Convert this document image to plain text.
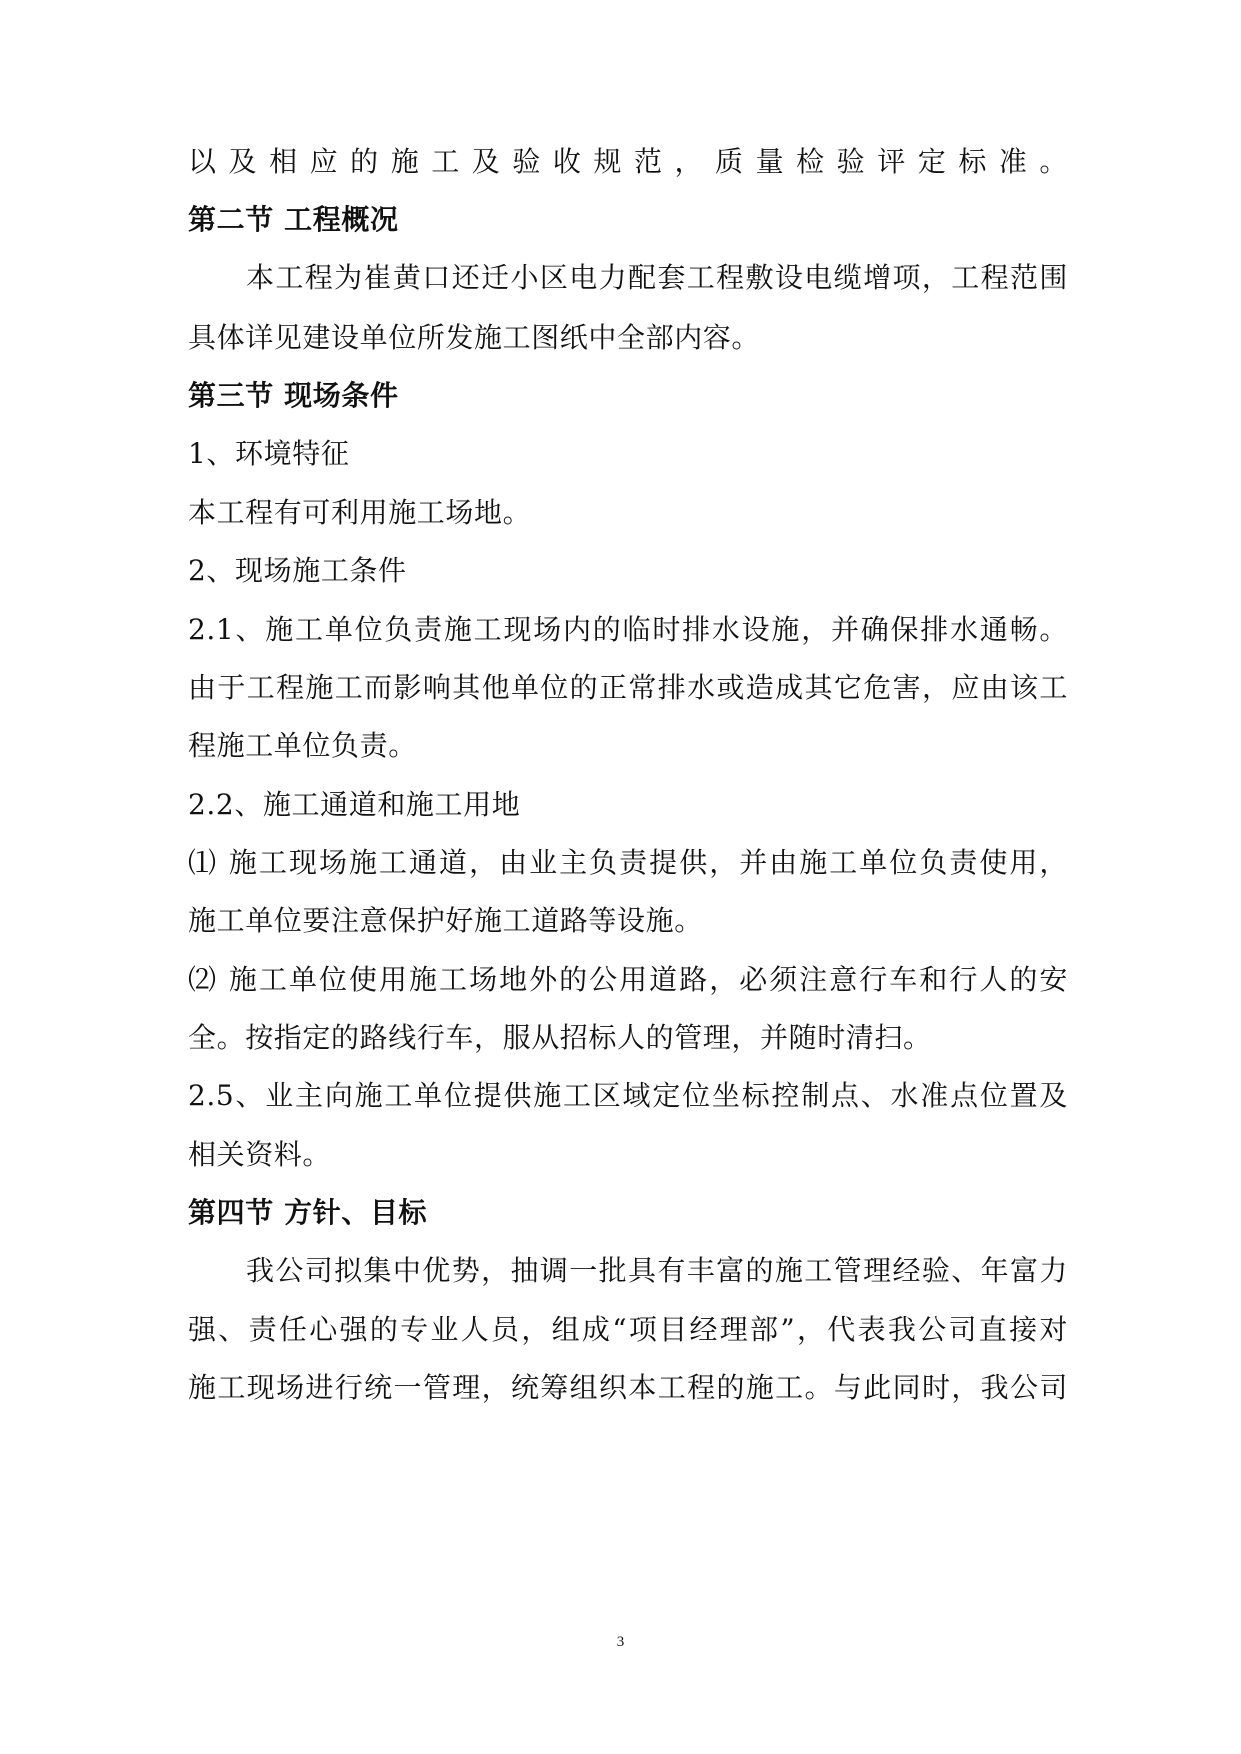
以及相应的施工及验收规范，质量检验评定标准。
第二节 工程概况
本工程为崔黄口还迁小区电力配套工程敷设电缆增项，工程范围
具体详见建设单位所发施工图纸中全部内容。
第三节 现场条件
1、环境特征
本工程有可利用施工场地。
2、现场施工条件
2.1、施工单位负责施工现场内的临时排水设施，并确保排水通畅。
由于工程施工而影响其他单位的正常排水或造成其它危害，应由该工
程施工单位负责。
2.2、施工通道和施工用地
⑴ 施工现场施工通道，由业主负责提供，并由施工单位负责使用，
施工单位要注意保护好施工道路等设施。
⑵ 施工单位使用施工场地外的公用道路，必须注意行车和行人的安
全。按指定的路线行车，服从招标人的管理，并随时清扫。
2.5、业主向施工单位提供施工区域定位坐标控制点、水准点位置及
相关资料。
第四节 方针、目标
我公司拟集中优势，抽调一批具有丰富的施工管理经验、年富力
强、责任心强的专业人员，组成“项目经理部”，代表我公司直接对
施工现场进行统一管理，统筹组织本工程的施工。与此同时，我公司
3
